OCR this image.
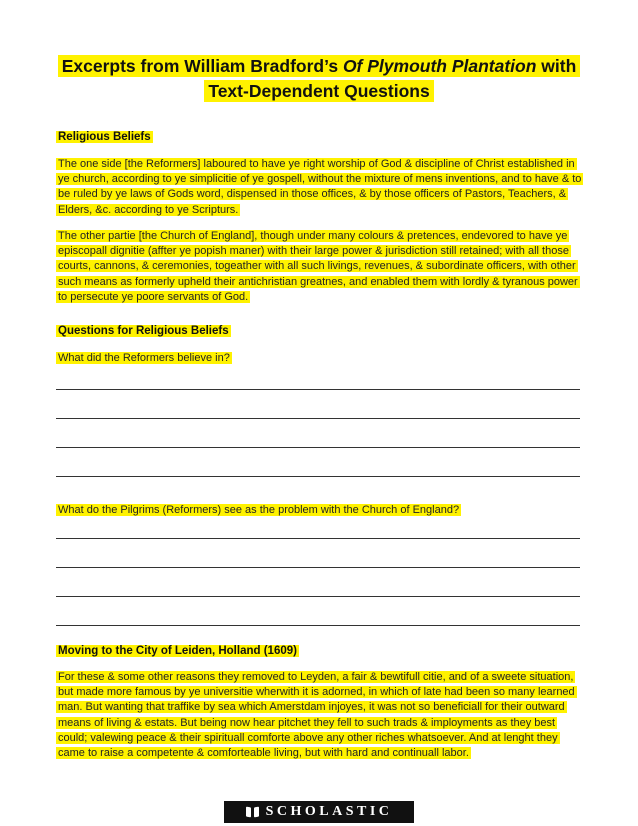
Excerpts from William Bradford’s Of Plymouth Plantation with Text-Dependent Questions
Religious Beliefs
The one side [the Reformers] laboured to have ye right worship of God & discipline of Christ established in ye church, according to ye simplicitie of ye gospell, without the mixture of mens inventions, and to have & to be ruled by ye laws of Gods word, dispensed in those offices, & by those officers of Pastors, Teachers, & Elders, &c. according to ye Scripturs.
The other partie [the Church of England], though under many colours & pretences, endevored to have ye episcopall dignitie (affter ye popish maner) with their large power & jurisdiction still retained; with all those courts, cannons, & ceremonies, togeather with all such livings, revenues, & subordinate officers, with other such means as formerly upheld their antichristian greatnes, and enabled them with lordly & tyranous power to persecute ye poore servants of God.
Questions for Religious Beliefs
What did the Reformers believe in?
What do the Pilgrims (Reformers) see as the problem with the Church of England?
Moving to the City of Leiden, Holland (1609)
For these & some other reasons they removed to Leyden, a fair & bewtifull citie, and of a sweete situation, but made more famous by ye universitie wherwith it is adorned, in which of late had been so many learned man. But wanting that traffike by sea which Amerstdam injoyes, it was not so beneficiall for their outward means of living & estats. But being now hear pitchet they fell to such trads & imployments as they best could; valewing peace & their spirituall comforte above any other riches whatsoever. And at lenght they came to raise a competente & comforteable living, but with hard and continuall labor.
SCHOLASTIC
